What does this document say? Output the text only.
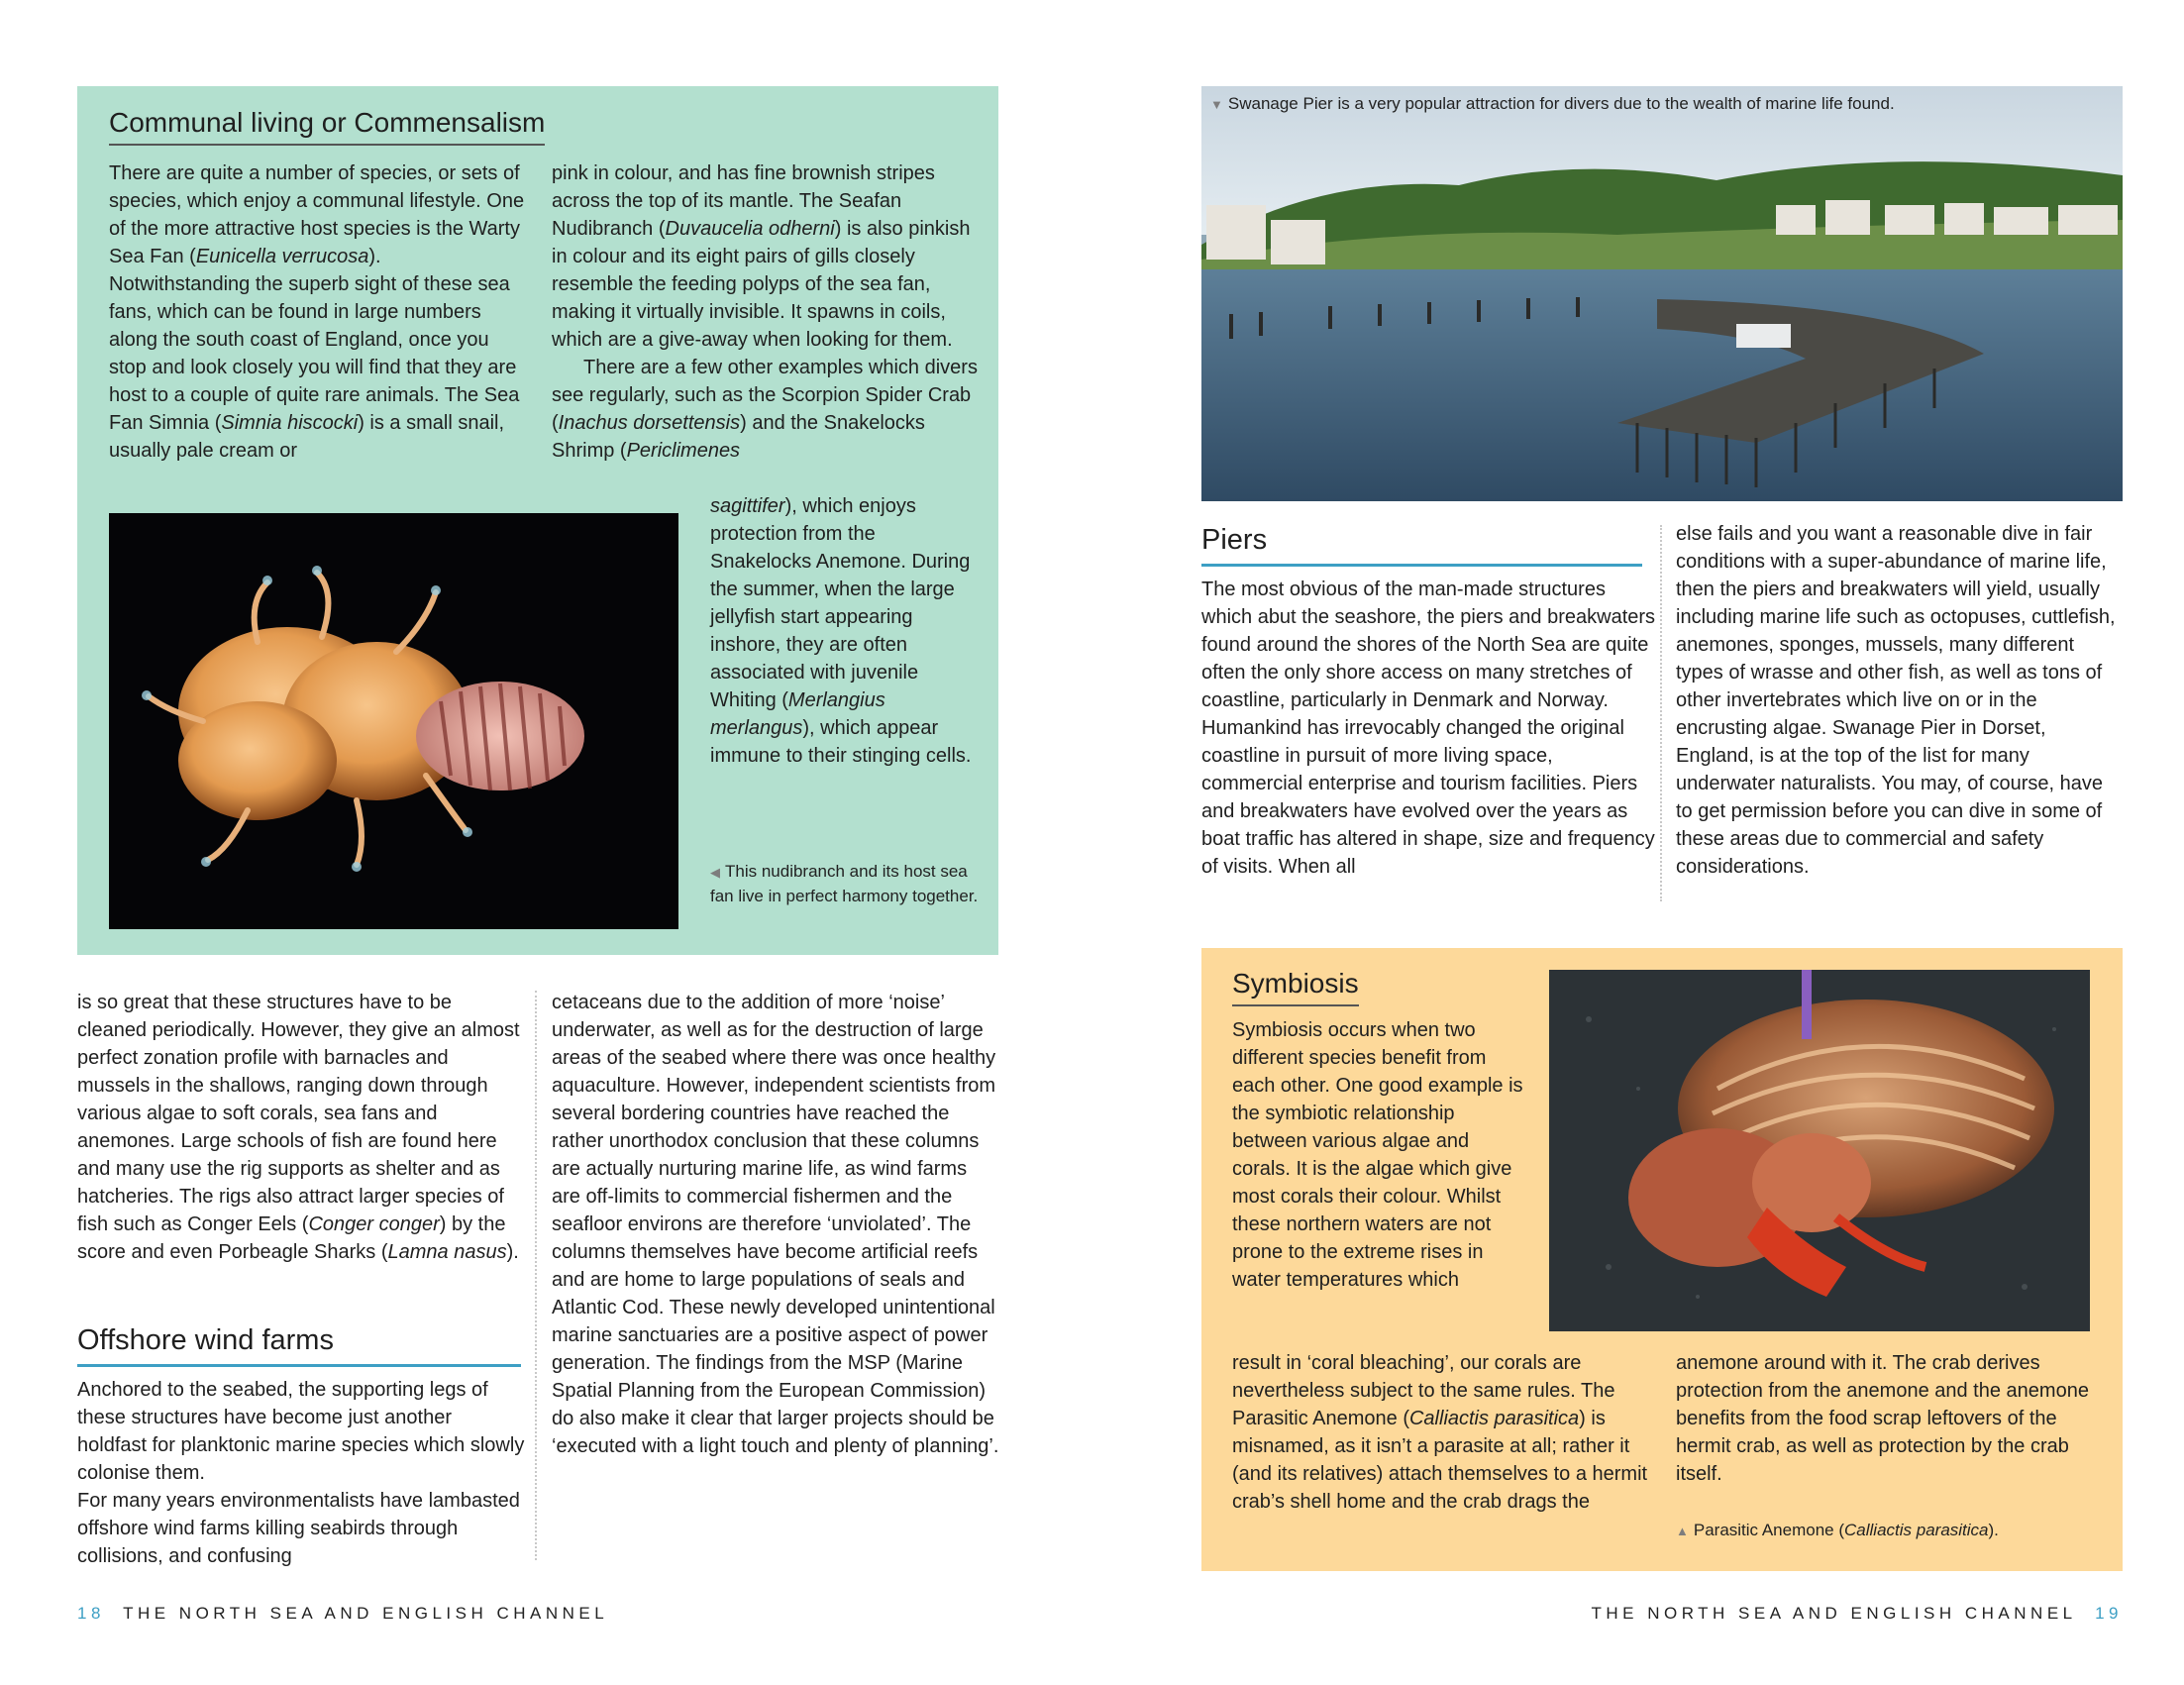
Communal living or Commensalism

There are quite a number of species, or sets of species, which enjoy a communal lifestyle. One of the more attractive host species is the Warty Sea Fan (Eunicella verrucosa). Notwithstanding the superb sight of these sea fans, which can be found in large numbers along the south coast of England, once you stop and look closely you will find that they are host to a couple of quite rare animals. The Sea Fan Simnia (Simnia hiscocki) is a small snail, usually pale cream or

pink in colour, and has fine brownish stripes across the top of its mantle. The Seafan Nudibranch (Duvaucelia odherni) is also pinkish in colour and its eight pairs of gills closely resemble the feeding polyps of the sea fan, making it virtually invisible. It spawns in coils, which are a give-away when looking for them.

There are a few other examples which divers see regularly, such as the Scorpion Spider Crab (Inachus dorsettensis) and the Snakelocks Shrimp (Periclimenes

sagittifer), which enjoys protection from the Snakelocks Anemone. During the summer, when the large jellyfish start appearing inshore, they are often associated with juvenile Whiting (Merlangius merlangus), which appear immune to their stinging cells.

◀ This nudibranch and its host sea fan live in perfect harmony together.

is so great that these structures have to be cleaned periodically. However, they give an almost perfect zonation profile with barnacles and mussels in the shallows, ranging down through various algae to soft corals, sea fans and anemones. Large schools of fish are found here and many use the rig supports as shelter and as hatcheries. The rigs also attract larger species of fish such as Conger Eels (Conger conger) by the score and even Porbeagle Sharks (Lamna nasus).

Offshore wind farms

Anchored to the seabed, the supporting legs of these structures have become just another holdfast for planktonic marine species which slowly colonise them.

For many years environmentalists have lambasted offshore wind farms killing seabirds through collisions, and confusing

cetaceans due to the addition of more ‘noise’ underwater, as well as for the destruction of large areas of the seabed where there was once healthy aquaculture. However, independent scientists from several bordering countries have reached the rather unorthodox conclusion that these columns are actually nurturing marine life, as wind farms are off-limits to commercial fishermen and the seafloor environs are therefore ‘unviolated’. The columns themselves have become artificial reefs and are home to large populations of seals and Atlantic Cod. These newly developed unintentional marine sanctuaries are a positive aspect of power generation. The findings from the MSP (Marine Spatial Planning from the European Commission) do also make it clear that larger projects should be ‘executed with a light touch and plenty of planning’.

18 THE NORTH SEA AND ENGLISH CHANNEL
▼ Swanage Pier is a very popular attraction for divers due to the wealth of marine life found.
Piers

The most obvious of the man-made structures which abut the seashore, the piers and breakwaters found around the shores of the North Sea are quite often the only shore access on many stretches of coastline, particularly in Denmark and Norway. Humankind has irrevocably changed the original coastline in pursuit of more living space, commercial enterprise and tourism facilities. Piers and breakwaters have evolved over the years as boat traffic has altered in shape, size and frequency of visits. When all

else fails and you want a reasonable dive in fair conditions with a super-abundance of marine life, then the piers and breakwaters will yield, usually including marine life such as octopuses, cuttlefish, anemones, sponges, mussels, many different types of wrasse and other fish, as well as tons of other invertebrates which live on or in the encrusting algae. Swanage Pier in Dorset, England, is at the top of the list for many underwater naturalists. You may, of course, have to get permission before you can dive in some of these areas due to commercial and safety considerations.

Symbiosis

Symbiosis occurs when two different species benefit from each other. One good example is the symbiotic relationship between various algae and corals. It is the algae which give most corals their colour. Whilst these northern waters are not prone to the extreme rises in water temperatures which

result in ‘coral bleaching’, our corals are nevertheless subject to the same rules. The Parasitic Anemone (Calliactis parasitica) is misnamed, as it isn’t a parasite at all; rather it (and its relatives) attach themselves to a hermit crab’s shell home and the crab drags the

anemone around with it. The crab derives protection from the anemone and the anemone benefits from the food scrap leftovers of the hermit crab, as well as protection by the crab itself.

▲ Parasitic Anemone (Calliactis parasitica).
THE NORTH SEA AND ENGLISH CHANNEL 19
